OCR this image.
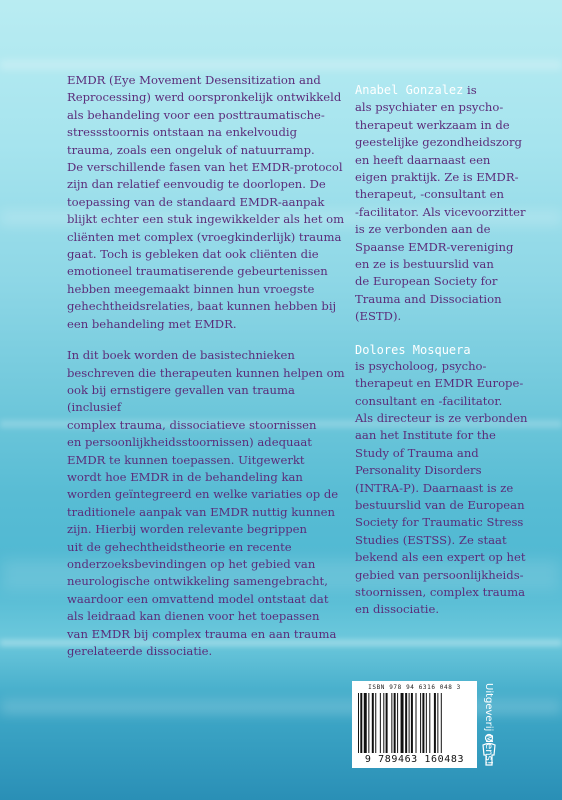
EMDR (Eye Movement Desensitization and
Reprocessing) werd oorspronkelijk ontwikkeld
als behandeling voor een posttraumatische-
stressstoornis ontstaan na enkelvoudig
trauma, zoals een ongeluk of natuurramp.
De verschillende fasen van het EMDR-protocol
zijn dan relatief eenvoudig te doorlopen. De
toepassing van de standaard EMDR-aanpak
blijkt echter een stuk ingewikkelder als het om
cliënten met complex (vroegkinderlijk) trauma
gaat. Toch is gebleken dat ook cliënten die
emotioneel traumatiserende gebeurtenissen
hebben meegemaakt binnen hun vroegste
gehechtheidsrelaties, baat kunnen hebben bij
een behandeling met EMDR.

In dit boek worden de basistechnieken
beschreven die therapeuten kunnen helpen om
ook bij ernstigere gevallen van trauma (inclusief
complex trauma, dissociatieve stoornissen
en persoonlijkheidsstoornissen) adequaat
EMDR te kunnen toepassen. Uitgewerkt
wordt hoe EMDR in de behandeling kan
worden geïntegreerd en welke variaties op de
traditionele aanpak van EMDR nuttig kunnen
zijn. Hierbij worden relevante begrippen
uit de gehechtheidstheorie en recente
onderzoeksbevindingen op het gebied van
neurologische ontwikkeling samengebracht,
waardoor een omvattend model ontstaat dat
als leidraad kan dienen voor het toepassen
van EMDR bij complex trauma en aan trauma
gerelateerde dissociatie.

Anabel Gonzalez is
als psychiater en psycho-
therapeut werkzaam in de
geestelijke gezondheidszorg
en heeft daarnaast een
eigen praktijk. Ze is EMDR-
therapeut, -consultant en
-facilitator. Als vicevoorzitter
is ze verbonden aan de
Spaanse EMDR-vereniging
en ze is bestuurslid van
de European Society for
Trauma and Dissociation
(ESTD).

Dolores Mosquera

is psycholoog, psycho-
therapeut en EMDR Europe-
consultant en -facilitator.
Als directeur is ze verbonden
aan het Institute for the
Study of Trauma and
Personality Disorders
(INTRA-P). Daarnaast is ze
bestuurslid van de European
Society for Traumatic Stress
Studies (ESTSS). Ze staat
bekend als een expert op het
gebied van persoonlijkheids-
stoornissen, complex trauma
en dissociatie.

ISBN 978 94 6316 048 3
9 789463 160483	Uitgeverij Mens!
